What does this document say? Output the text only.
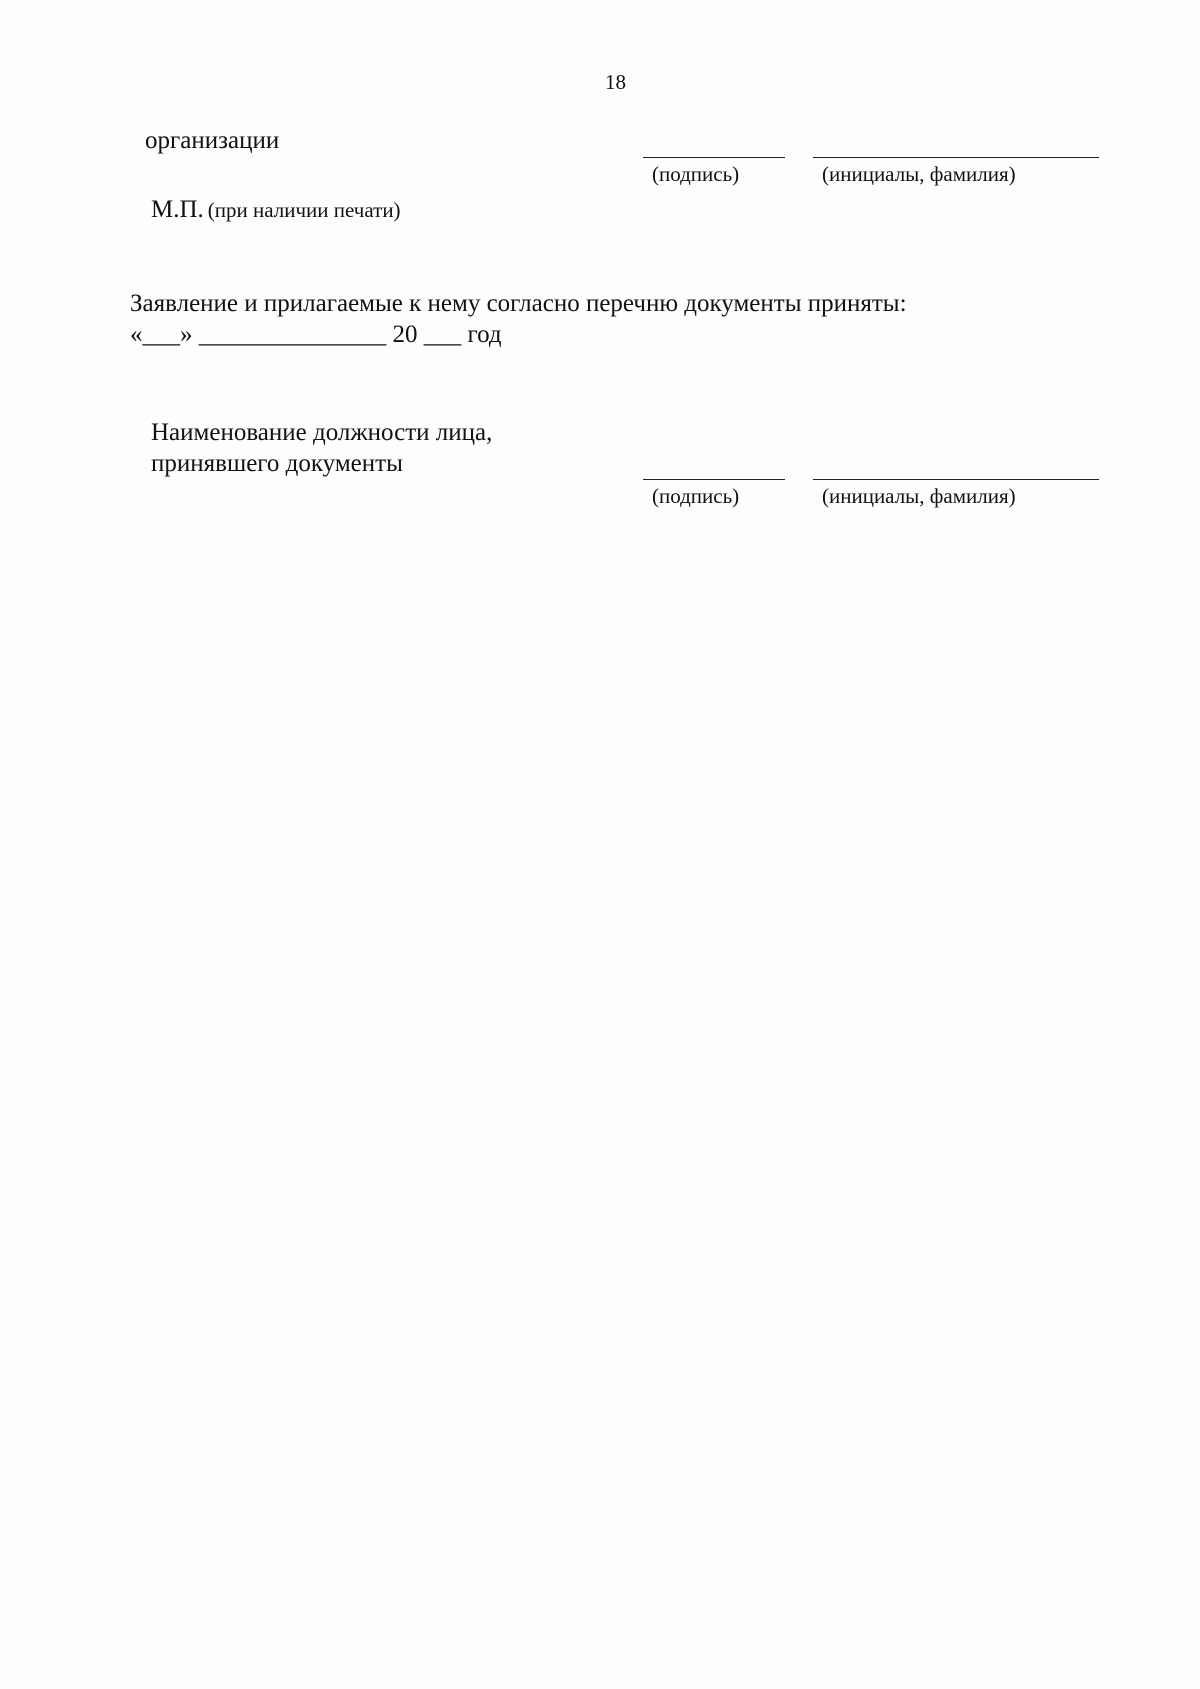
18
организации
(подпись)	(инициалы, фамилия)
М.П. (при наличии печати)
Заявление и прилагаемые к нему согласно перечню документы приняты:
«___» _______________ 20 ___ год
Наименование должности лица,
принявшего документы
(подпись)	(инициалы, фамилия)
